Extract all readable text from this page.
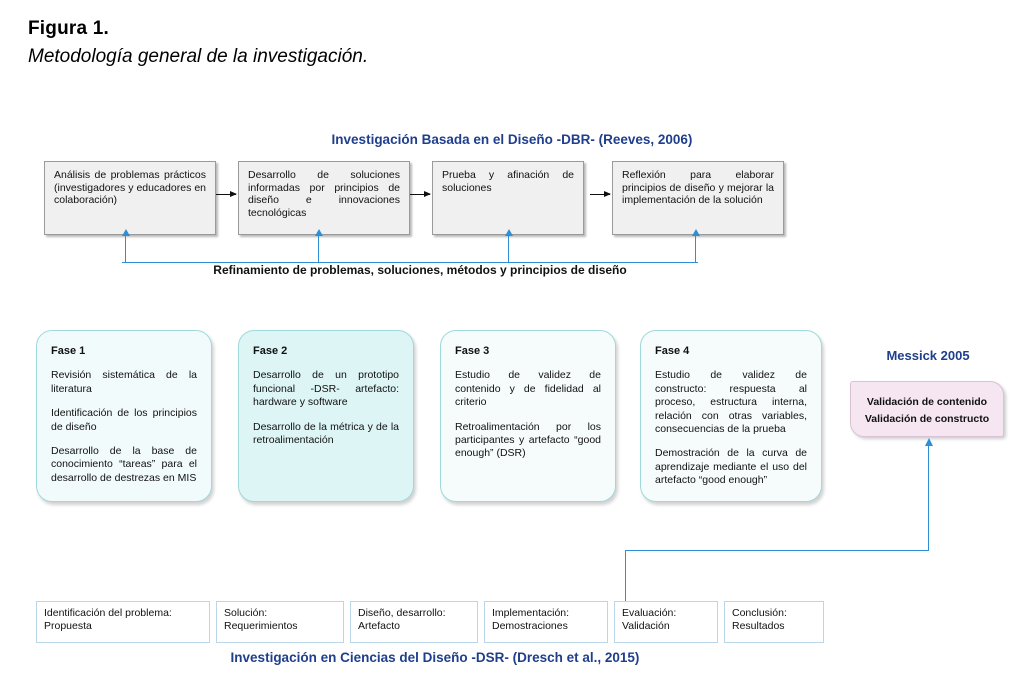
Figura 1.
Metodología general de la investigación.
Investigación Basada en el Diseño -DBR- (Reeves, 2006)
Análisis de problemas prácticos (investigadores y educadores en colaboración)
Desarrollo de soluciones informadas por principios de diseño e innovaciones tecnológicas
Prueba y afinación de soluciones
Reflexión para elaborar principios de diseño y mejorar la implementación de la solución
Refinamiento de problemas, soluciones, métodos y principios de diseño
Fase 1

Revisión sistemática de la literatura

Identificación de los principios de diseño

Desarrollo de la base de conocimiento “tareas” para el desarrollo de destrezas en MIS

Fase 2

Desarrollo de un prototipo funcional -DSR- artefacto: hardware y software

Desarrollo de la métrica y de la retroalimentación

Fase 3

Estudio de validez de contenido y de fidelidad al criterio

Retroalimentación por los participantes y artefacto “good enough” (DSR)

Fase 4

Estudio de validez de constructo: respuesta al proceso, estructura interna, relación con otras variables, consecuencias de la prueba

Demostración de la curva de aprendizaje mediante el uso del artefacto “good enough”

Messick 2005
Validación de contenido
Validación de constructo
Identificación del problema: Propuesta
Solución: Requerimientos
Diseño, desarrollo: Artefacto
Implementación: Demostraciones
Evaluación: Validación
Conclusión: Resultados
Investigación en Ciencias del Diseño -DSR- (Dresch et al., 2015)
